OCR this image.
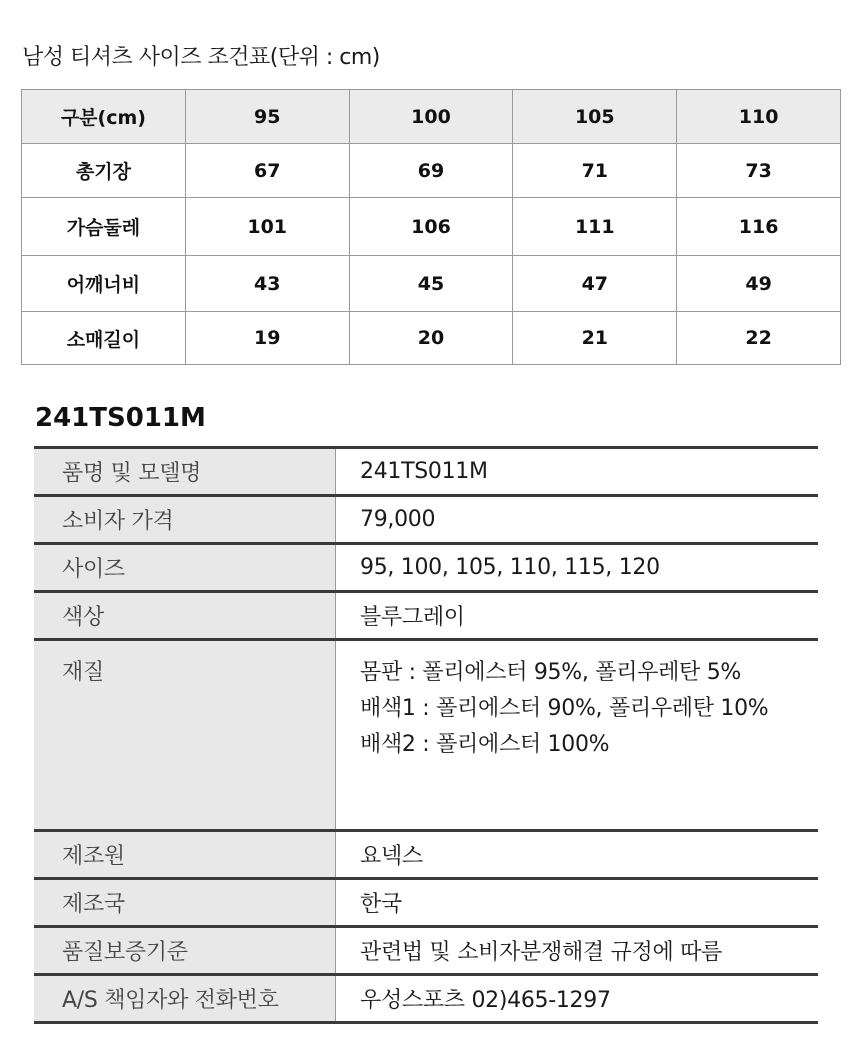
남성 티셔츠 사이즈 조건표(단위 : cm)
구분(cm)	95	100	105	110
총기장	67	69	71	73
가슴둘레	101	106	111	116
어깨너비	43	45	47	49
소매길이	19	20	21	22
241TS011M
품명 및 모델명	241TS011M
소비자 가격	79,000
사이즈	95, 100, 105, 110, 115, 120
색상	블루그레이
재질	몸판 : 폴리에스터 95%, 폴리우레탄 5%
배색1 : 폴리에스터 90%, 폴리우레탄 10%
배색2 : 폴리에스터 100%

제조원	요넥스
제조국	한국
품질보증기준	관련법 및 소비자분쟁해결 규정에 따름
A/S 책임자와 전화번호	우성스포츠 02)465-1297
